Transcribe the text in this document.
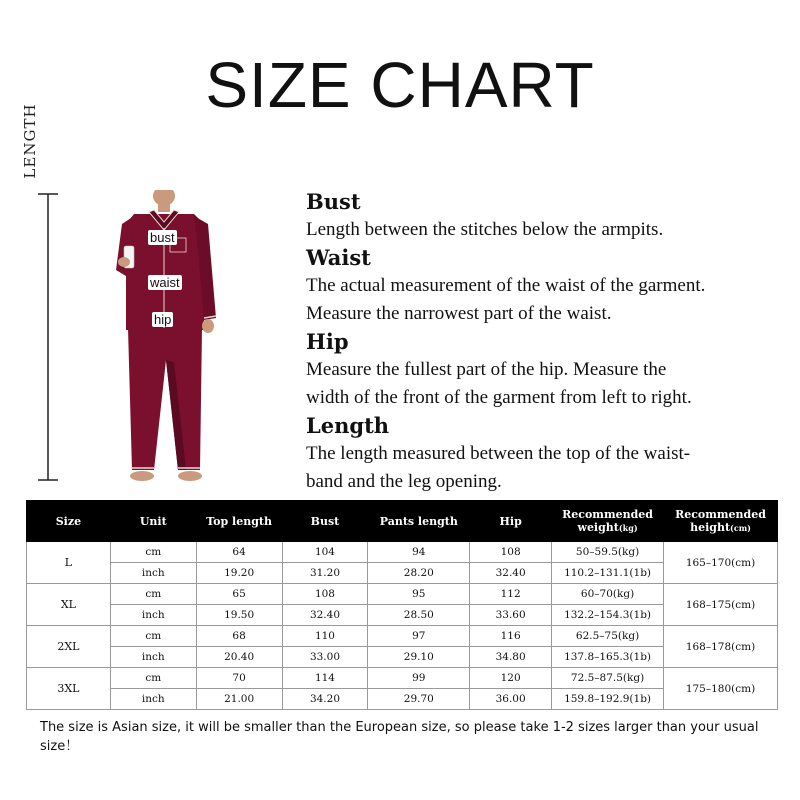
SIZE CHART
LENGTH
bust
waist
hip
Bust

Length between the stitches below the armpits.

Waist

The actual measurement of the waist of the garment.

Measure the narrowest part of the waist.

Hip

Measure the fullest part of the hip. Measure the

width of the front of the garment from left to right.

Length

The length measured between the top of the waist-

band and the leg opening.

Size	Unit	Top length	Bust	Pants length	Hip	Recommended weight(kg)	Recommended height(cm)
L	cm	64	104	94	108	50–59.5(kg)	165–170(cm)
	inch	19.20	31.20	28.20	32.40	110.2–131.1(1b)	
XL	cm	65	108	95	112	60–70(kg)	168–175(cm)
	inch	19.50	32.40	28.50	33.60	132.2–154.3(1b)	
2XL	cm	68	110	97	116	62.5–75(kg)	168–178(cm)
	inch	20.40	33.00	29.10	34.80	137.8–165.3(1b)	
3XL	cm	70	114	99	120	72.5–87.5(kg)	175–180(cm)
	inch	21.00	34.20	29.70	36.00	159.8–192.9(1b)	
The size is Asian size, it will be smaller than the European size, so please take 1-2 sizes larger than your usual size！
